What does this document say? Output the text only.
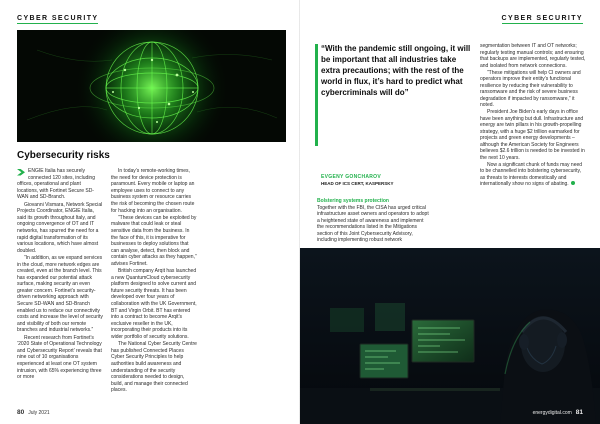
CYBER SECURITY
Cybersecurity risks

ENGIE Italia has securely connected 120 sites, including offices, operational and plant locations, with Fortinet Secure SD-WAN and SD-Branch.

Giovanni Vismara, Network Special Projects Coordinator, ENGIE Italia, said its growth throughout Italy, and ongoing convergence of OT and IT networks, has spurred the need for a rapid digital transformation of its various locations, which have almost doubled.

“In addition, as we expand services in the cloud, more network edges are created, even at the branch level. This has expanded our potential attack surface, making security an even greater concern. Fortinet’s security-driven networking approach with Secure SD-WAN and SD-Branch enabled us to reduce our connectivity costs and increase the level of security and visibility of both our remote branches and industrial networks.”

Recent research from Fortinet’s ‘2020 State of Operational Technology and Cybersecurity Report’ reveals that nine out of 10 organisations experienced at least one OT system intrusion, with 65% experiencing three or more

In today’s remote-working times, the need for device protection is paramount. Every mobile or laptop an employee uses to connect to any business system or resource carries the risk of becoming the chosen route for hacking into an organisation.

“These devices can be exploited by malware that could leak or steal sensitive data from the business. In the face of this, it is imperative for businesses to deploy solutions that can analyse, detect, then block and contain cyber attacks as they happen,” advises Fortinet.

British company Arqit has launched a new QuantumCloud cybersecurity platform designed to solve current and future security threats. It has been developed over four years of collaboration with the UK Government, BT and Virgin Orbit. BT has entered into a contract to become Arqit’s exclusive reseller in the UK, incorporating their products into its wider portfolio of security solutions.

The National Cyber Security Centre has published Connected Places Cyber Security Principles to help authorities build awareness and understanding of the security considerations needed to design, build, and manage their connected places.

80 July 2021
CYBER SECURITY
“With the pandemic still ongoing, it will be important that all industries take extra precautions; with the rest of the world in flux, it’s hard to predict what cybercriminals will do”
EVGENY GONCHAROV
HEAD OF ICS CERT, KASPERSKY

Bolstering systems protection

Together with the FBI, the CISA has urged critical infrastructure asset owners and operators to adopt a heightened state of awareness and implement the recommendations listed in the Mitigations section of this Joint Cybersecurity Advisory, including implementing robust network

segmentation between IT and OT networks; regularly testing manual controls; and ensuring that backups are implemented, regularly tested, and isolated from network connections.

“These mitigations will help CI owners and operators improve their entity’s functional resilience by reducing their vulnerability to ransomware and the risk of severe business degradation if impacted by ransomware,” it noted.

President Joe Biden’s early days in office have been anything but dull. Infrastructure and energy are twin pillars in his growth-propelling strategy, with a huge $2 trillion earmarked for projects and green energy developments – although the American Society for Engineers believes $2.6 trillion is needed to be invested in the next 10 years.

Now a significant chunk of funds may need to be channelled into bolstering cybersecurity, as threats to interests domestically and internationally show no signs of abating.

energydigital.com 81
